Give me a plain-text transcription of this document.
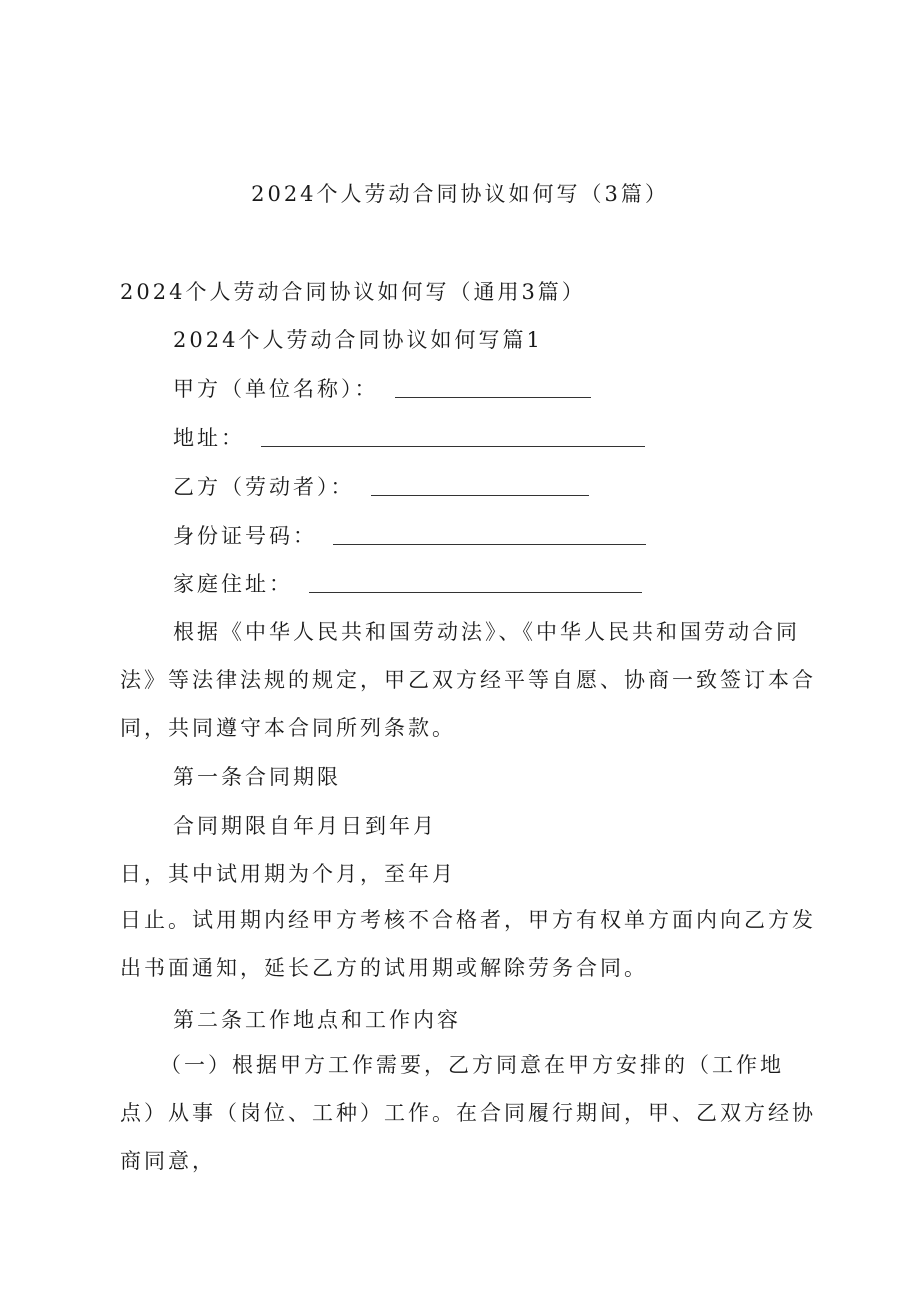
2024个人劳动合同协议如何写（3篇）
2024个人劳动合同协议如何写（通用3篇）
2024个人劳动合同协议如何写篇1
甲方（单位名称）：
地址：
乙方（劳动者）：
身份证号码：
家庭住址：
根据《中华人民共和国劳动法》、《中华人民共和国劳动合同法》等法律法规的规定，甲乙双方经平等自愿、协商一致签订本合同，共同遵守本合同所列条款。
第一条合同期限
合同期限自年月日到年月
日，其中试用期为个月，至年月
日止。试用期内经甲方考核不合格者，甲方有权单方面内向乙方发出书面通知，延长乙方的试用期或解除劳务合同。
第二条工作地点和工作内容
（一）根据甲方工作需要，乙方同意在甲方安排的（工作地点）从事（岗位、工种）工作。在合同履行期间，甲、乙双方经协商同意，
